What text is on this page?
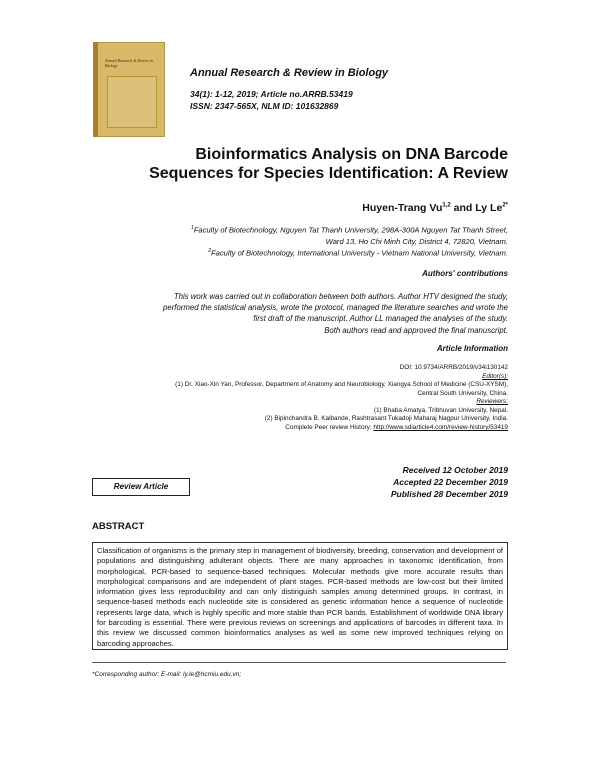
Annual Research & Review in Biology
Annual Research & Review in Biology
34(1): 1-12, 2019; Article no.ARRB.53419
ISSN: 2347-565X, NLM ID: 101632869
Bioinformatics Analysis on DNA Barcode Sequences for Species Identification: A Review
Huyen-Trang Vu$^{1,2}$ and Ly $Le^{2*}$
$^1$Faculty of Biotechnology, Nguyen Tat Thanh University, 298A-300A Nguyen Tat Thanh Street,
Ward 13, Ho Chi Minh City, District 4, 72820, Vietnam.
$^2$Faculty of Biotechnology, International University - Vietnam National University, Vietnam.
Authors' contributions
This work was carried out in collaboration between both authors. Author HTV designed the study,
performed the statistical analysis, wrote the protocol, managed the literature searches and wrote the
first draft of the manuscript. Author LL managed the analyses of the study.
Both authors read and approved the final manuscript.
Article Information
DOI: 10.9734/ARRB/2019/v34i130142
Editor(s):
(1) Dr. Xiao-Xin Yan, Professor, Department of Anatomy and Neurobiology, Xiangya School of Medicine (CSU-XYSM),
Central South University, China.
Reviewers:
(1) Bhaba Amatya, Tribhuvan University, Nepal.
(2) Bipinchandra B. Kalbande, Rashtrasant Tukadoji Maharaj Nagpur University, India.
Complete Peer review History: http://www.sdiarticle4.com/review-history/53419
Received 12 October 2019
Accepted 22 December 2019
Published 28 December 2019
Review Article
ABSTRACT
Classification of organisms is the primary step in management of biodiversity, breeding, conservation and development of populations and distinguishing adulterant objects. There are many approaches in taxonomic identification, from morphological, PCR-based to sequence-based techniques. Molecular methods give more accurate results than morphological comparisons and are independent of plant stages. PCR-based methods are low-cost but their limited information gives less reproducibility and can only distinguish samples among determined groups. In contrast, in sequence-based methods each nucleotide site is considered as genetic information hence a sequence of nucleotide represents large data, which is highly specific and more stable than PCR bands. Establishment of worldwide DNA library for barcoding is essential. There were previous reviews on screenings and applications of barcodes in different taxa. In this review we discussed common bioinformatics analyses as well as some new improved techniques relying on barcoding approaches.
*Corresponding author: E-mail: ly.le@hcmiu.edu.vn;
